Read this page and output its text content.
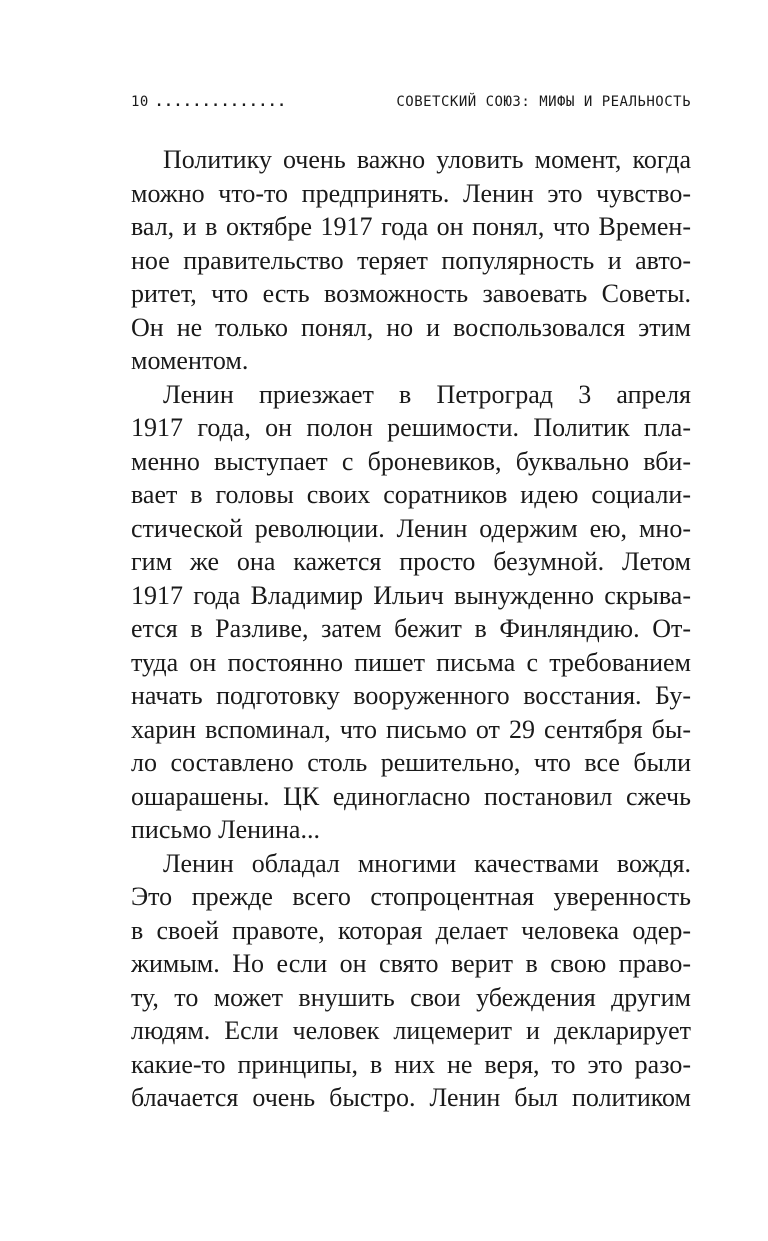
10 ..............	СОВЕТСКИЙ СОЮЗ: МИФЫ И РЕАЛЬНОСТЬ
Политику очень важно уловить момент, когда
можно что-то предпринять. Ленин это чувство-
вал, и в октябре 1917 года он понял, что Времен-
ное правительство теряет популярность и авто-
ритет, что есть возможность завоевать Советы.
Он не только понял, но и воспользовался этим
моментом.
Ленин приезжает в Петроград 3 апреля
1917 года, он полон решимости. Политик пла-
менно выступает с броневиков, буквально вби-
вает в головы своих соратников идею социали-
стической революции. Ленин одержим ею, мно-
гим же она кажется просто безумной. Летом
1917 года Владимир Ильич вынужденно скрыва-
ется в Разливе, затем бежит в Финляндию. От-
туда он постоянно пишет письма с требованием
начать подготовку вооруженного восстания. Бу-
харин вспоминал, что письмо от 29 сентября бы-
ло составлено столь решительно, что все были
ошарашены. ЦК единогласно постановил сжечь
письмо Ленина...
Ленин обладал многими качествами вождя.
Это прежде всего стопроцентная уверенность
в своей правоте, которая делает человека одер-
жимым. Но если он свято верит в свою право-
ту, то может внушить свои убеждения другим
людям. Если человек лицемерит и декларирует
какие-то принципы, в них не веря, то это разо-
блачается очень быстро. Ленин был политиком
